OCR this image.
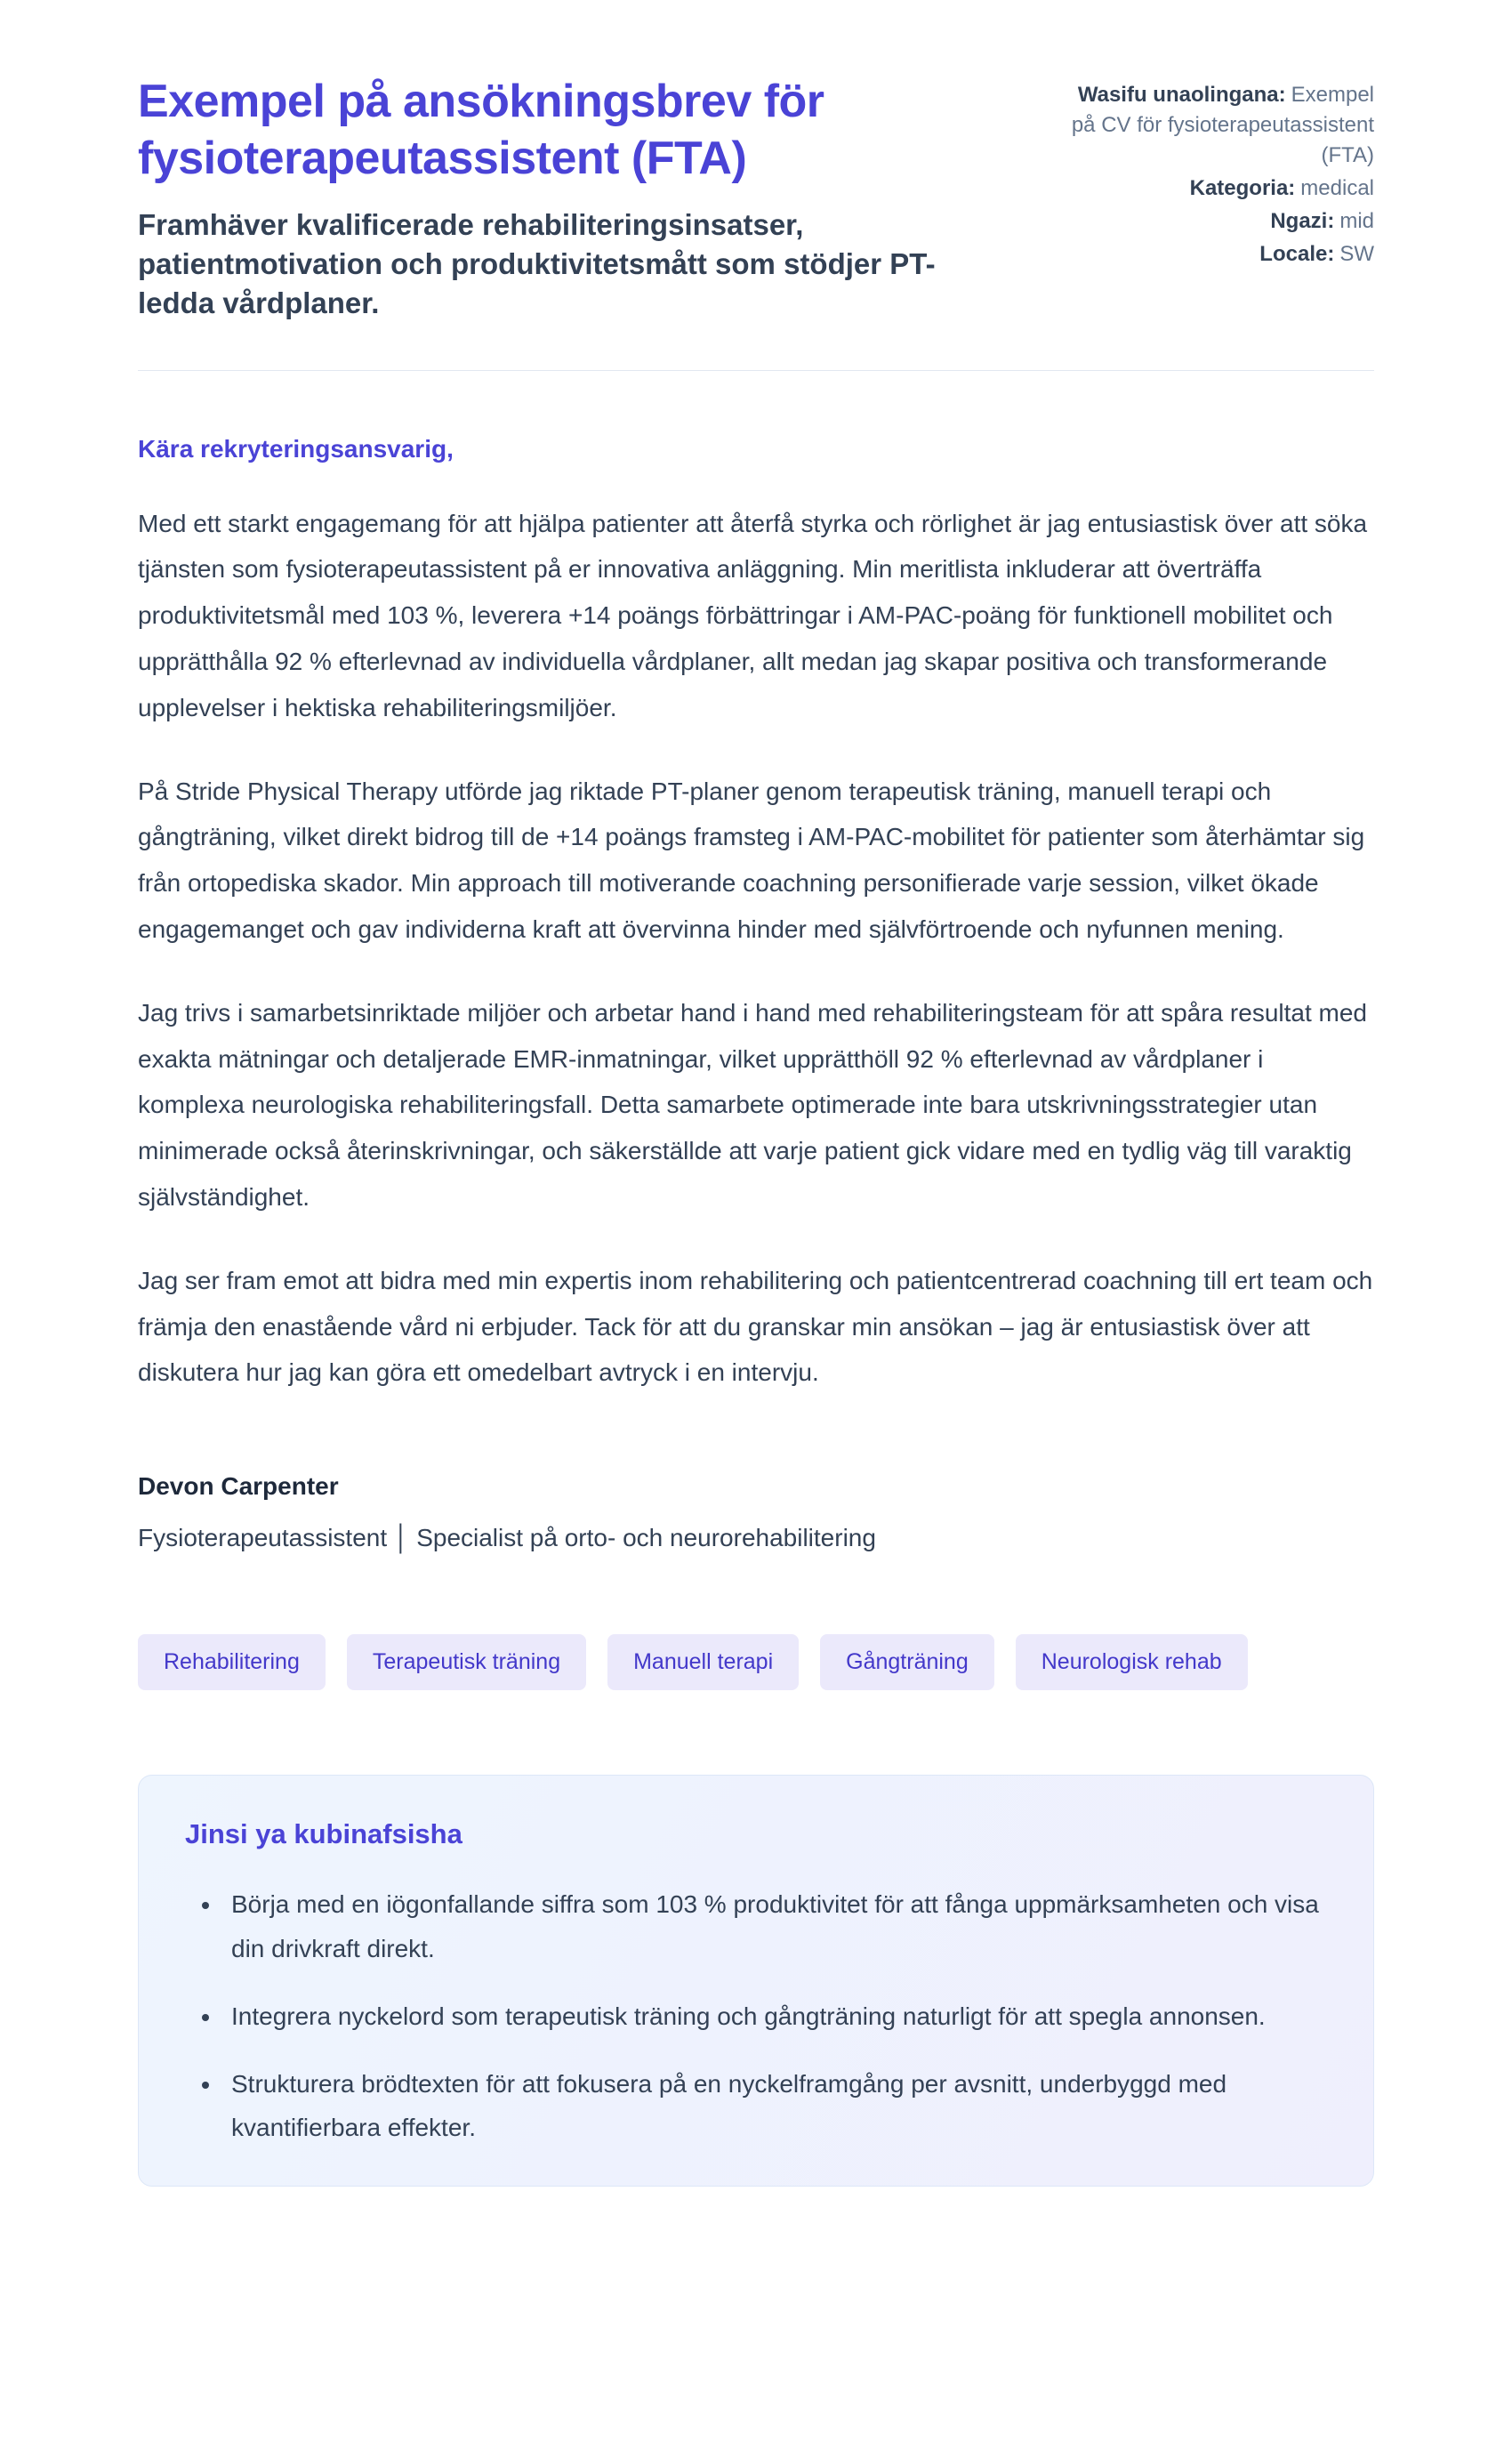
Exempel på ansökningsbrev för fysioterapeutassistent (FTA)

Framhäver kvalificerade rehabiliteringsinsatser, patientmotivation och produktivitetsmått som stödjer PT-ledda vårdplaner.

Wasifu unaolingana: Exempel på CV för fysioterapeutassistent (FTA)
Kategoria: medical
Ngazi: mid
Locale: SW

Kära rekryteringsansvarig,

Med ett starkt engagemang för att hjälpa patienter att återfå styrka och rörlighet är jag entusiastisk över att söka tjänsten som fysioterapeutassistent på er innovativa anläggning. Min meritlista inkluderar att överträffa produktivitetsmål med 103 %, leverera +14 poängs förbättringar i AM-PAC-poäng för funktionell mobilitet och upprätthålla 92 % efterlevnad av individuella vårdplaner, allt medan jag skapar positiva och transformerande upplevelser i hektiska rehabiliteringsmiljöer.

På Stride Physical Therapy utförde jag riktade PT-planer genom terapeutisk träning, manuell terapi och gångträning, vilket direkt bidrog till de +14 poängs framsteg i AM-PAC-mobilitet för patienter som återhämtar sig från ortopediska skador. Min approach till motiverande coachning personifierade varje session, vilket ökade engagemanget och gav individerna kraft att övervinna hinder med självförtroende och nyfunnen mening.

Jag trivs i samarbetsinriktade miljöer och arbetar hand i hand med rehabiliteringsteam för att spåra resultat med exakta mätningar och detaljerade EMR-inmatningar, vilket upprätthöll 92 % efterlevnad av vårdplaner i komplexa neurologiska rehabiliteringsfall. Detta samarbete optimerade inte bara utskrivningsstrategier utan minimerade också återinskrivningar, och säkerställde att varje patient gick vidare med en tydlig väg till varaktig självständighet.

Jag ser fram emot att bidra med min expertis inom rehabilitering och patientcentrerad coachning till ert team och främja den enastående vård ni erbjuder. Tack för att du granskar min ansökan – jag är entusiastisk över att diskutera hur jag kan göra ett omedelbart avtryck i en intervju.

Devon Carpenter

Fysioterapeutassistent │ Specialist på orto- och neurorehabilitering

Rehabilitering	Terapeutisk träning	Manuell terapi	Gångträning	Neurologisk rehab
Jinsi ya kubinafsisha
• Börja med en iögonfallande siffra som 103 % produktivitet för att fånga uppmärksamheten och visa din drivkraft direkt.
• Integrera nyckelord som terapeutisk träning och gångträning naturligt för att spegla annonsen.
• Strukturera brödtexten för att fokusera på en nyckelframgång per avsnitt, underbyggd med kvantifierbara effekter.
